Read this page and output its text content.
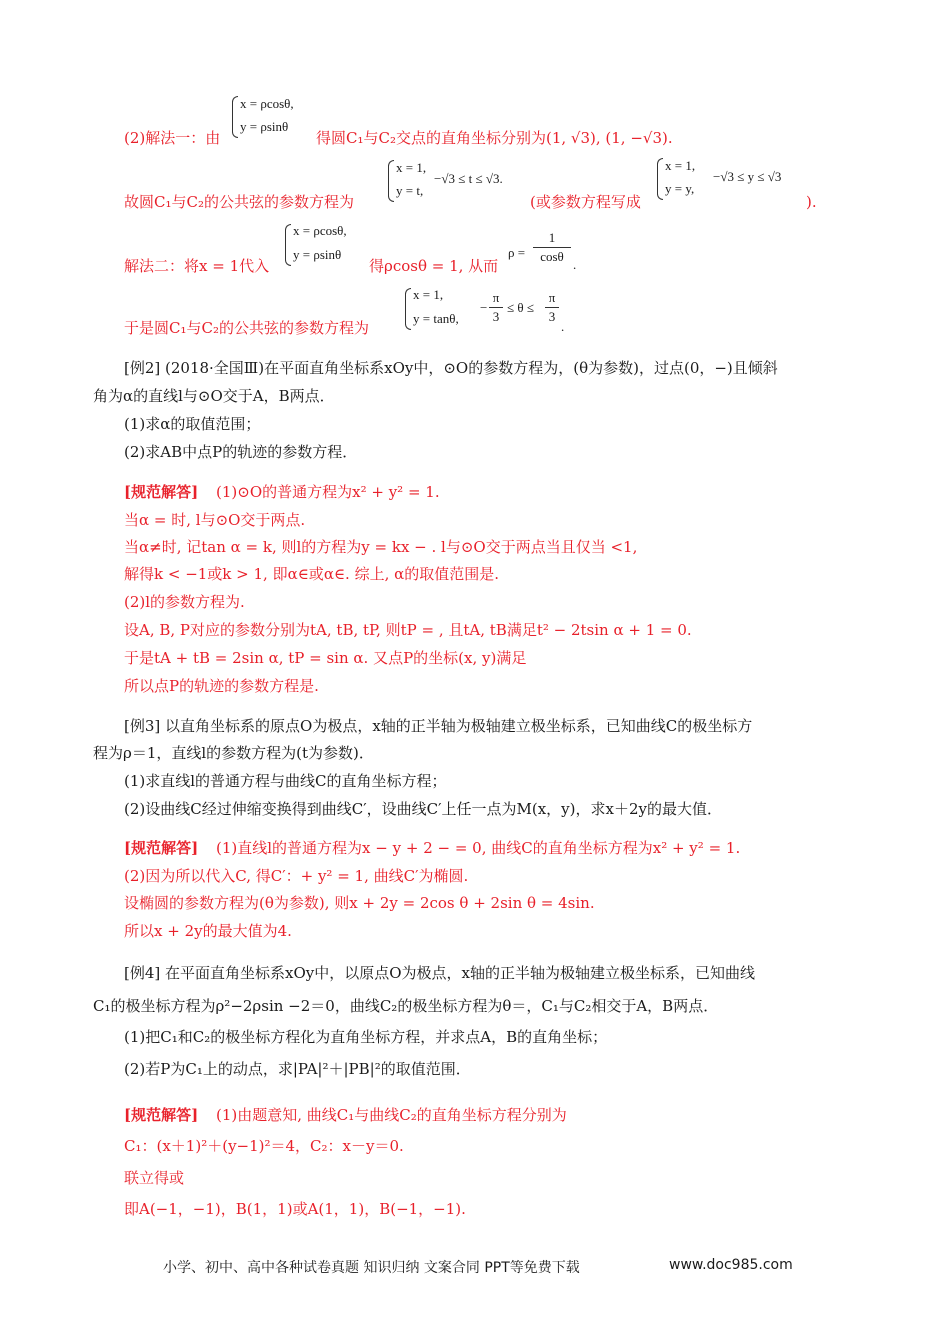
x = ρcosθ,
y = ρsinθ
(2)解法一：由	得圆C₁与C₂交点的直角坐标分别为(1, √3), (1, −√3).
x = 1,
y = t,
−√3 ≤ t ≤ √3.
故圆C₁与C₂的公共弦的参数方程为	(或参数方程写成
x = 1,
y = y,
−√3 ≤ y ≤ √3
).
x = ρcosθ,
y = ρsinθ
解法二：将x = 1代入	得ρcosθ = 1, 从而
ρ =
1
cosθ
.
x = 1,
y = tanθ,
−
π
3
≤ θ ≤
π
3
.
于是圆C₁与C₂的公共弦的参数方程为
[例2] (2018·全国Ⅲ)在平面直角坐标系xOy中，⊙O的参数方程为，(θ为参数)，过点(0，−)且倾斜
角为α的直线l与⊙O交于A，B两点．
(1)求α的取值范围；
(2)求AB中点P的轨迹的参数方程．
[规范解答] (1)⊙O的普通方程为x² + y² = 1.
当α = 时, l与⊙O交于两点.
当α≠时, 记tan α = k, 则l的方程为y = kx − . l与⊙O交于两点当且仅当 <1,
解得k < −1或k > 1, 即α∈或α∈. 综上, α的取值范围是.
(2)l的参数方程为.
设A, B, P对应的参数分别为tA, tB, tP, 则tP = , 且tA, tB满足t² − 2tsin α + 1 = 0.
于是tA + tB = 2sin α, tP = sin α. 又点P的坐标(x, y)满足
所以点P的轨迹的参数方程是.
[例3] 以直角坐标系的原点O为极点，x轴的正半轴为极轴建立极坐标系，已知曲线C的极坐标方
程为ρ＝1，直线l的参数方程为(t为参数)．
(1)求直线l的普通方程与曲线C的直角坐标方程；
(2)设曲线C经过伸缩变换得到曲线C′，设曲线C′上任一点为M(x，y)，求x＋2y的最大值．
[规范解答] (1)直线l的普通方程为x − y + 2 − = 0, 曲线C的直角坐标方程为x² + y² = 1.
(2)因为所以代入C, 得C′：+ y² = 1, 曲线C′为椭圆.
设椭圆的参数方程为(θ为参数), 则x + 2y = 2cos θ + 2sin θ = 4sin.
所以x + 2y的最大值为4.
[例4] 在平面直角坐标系xOy中，以原点O为极点，x轴的正半轴为极轴建立极坐标系，已知曲线
C₁的极坐标方程为ρ²−2ρsin −2＝0，曲线C₂的极坐标方程为θ＝，C₁与C₂相交于A，B两点．
(1)把C₁和C₂的极坐标方程化为直角坐标方程，并求点A，B的直角坐标；
(2)若P为C₁上的动点，求|PA|²＋|PB|²的取值范围．
[规范解答] (1)由题意知, 曲线C₁与曲线C₂的直角坐标方程分别为
C₁：(x＋1)²＋(y−1)²＝4，C₂：x－y＝0.
联立得或
即A(−1，−1)，B(1，1)或A(1，1)，B(−1，−1).
小学、初中、高中各种试卷真题 知识归纳 文案合同 PPT等免费下载	www.doc985.com
